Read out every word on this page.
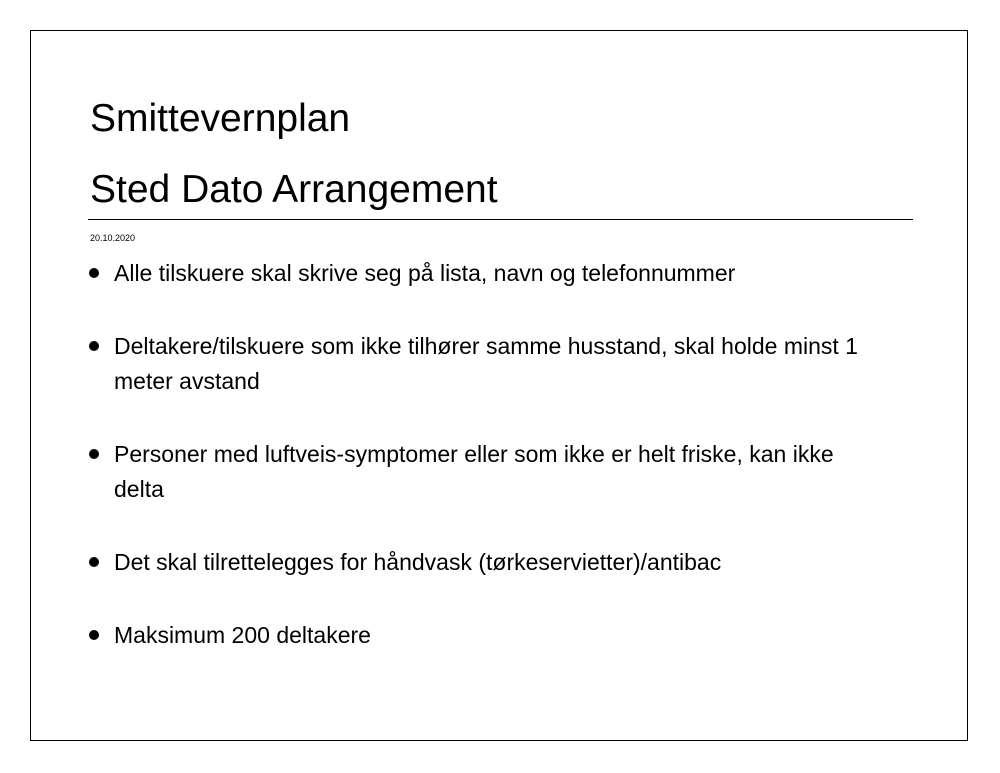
Smittevernplan
Sted Dato Arrangement
20.10.2020
Alle tilskuere skal skrive seg på lista, navn og telefonnummer
Deltakere/tilskuere som ikke tilhører samme husstand, skal holde minst 1 meter avstand
Personer med luftveis-symptomer eller som ikke er helt friske, kan ikke delta
Det skal tilrettelegges for håndvask (tørkeservietter)/antibac
Maksimum 200 deltakere
